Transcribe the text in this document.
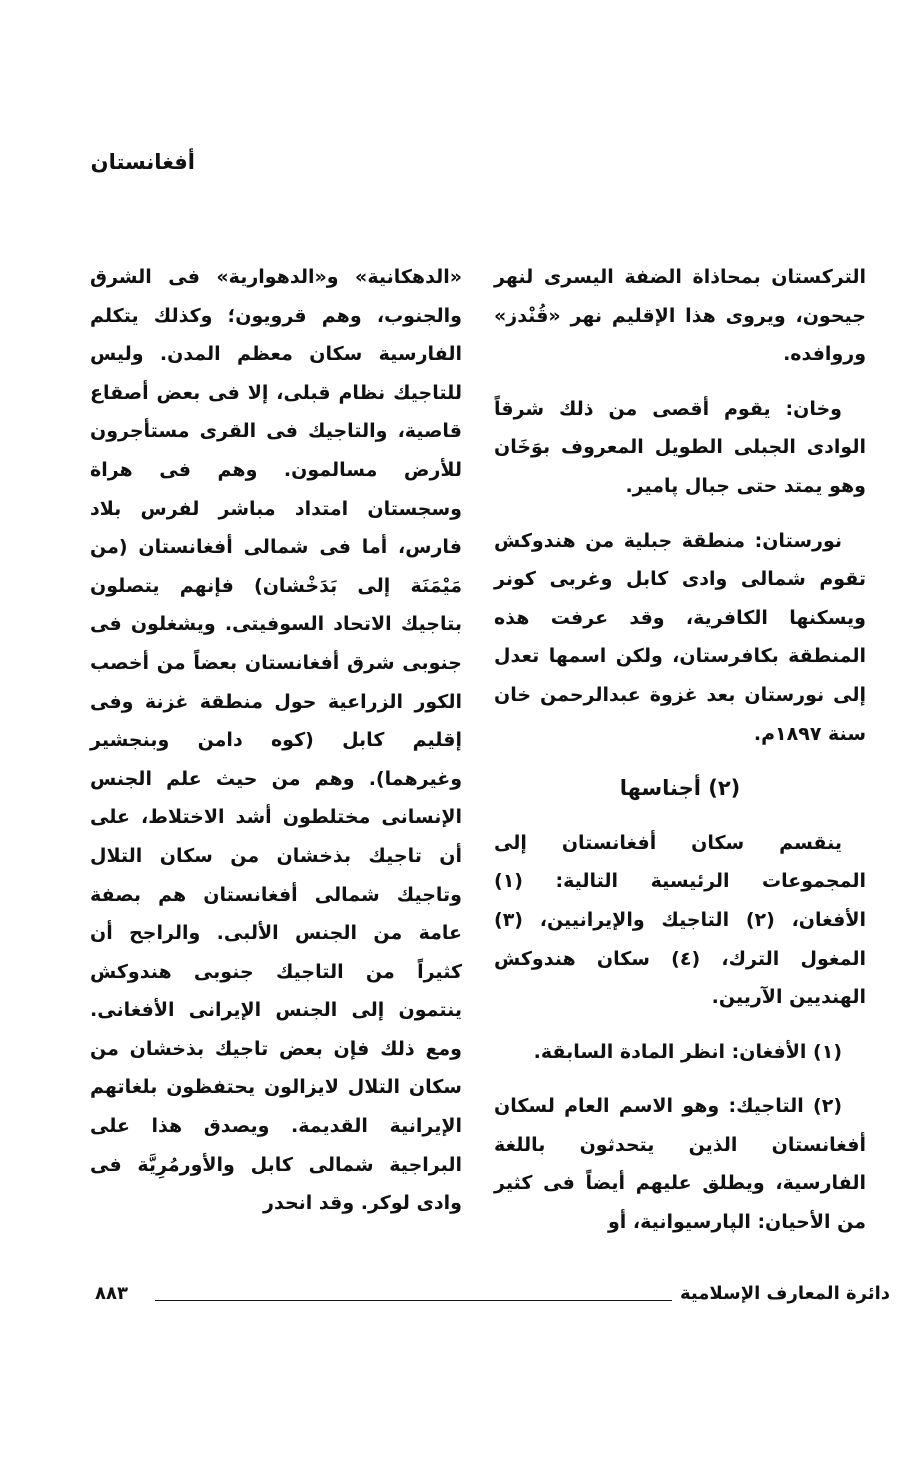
أفغانستان

التركستان بمحاذاة الضفة اليسرى لنهر جيحون، ويروى هذا الإقليم نهر «قُنْدز» وروافده.

وخان: يقوم أقصى من ذلك شرقاً الوادى الجبلى الطويل المعروف بوَخَان وهو يمتد حتى جبال پامير.

نورستان: منطقة جبلية من هندوكش تقوم شمالى وادى كابل وغربى كونر ويسكنها الكافرية، وقد عرفت هذه المنطقة بكافرستان، ولكن اسمها تعدل إلى نورستان بعد غزوة عبدالرحمن خان سنة ١٨٩٧م.

(٢) أجناسها

ينقسم سكان أفغانستان إلى المجموعات الرئيسية التالية: (١) الأفغان، (٢) التاجيك والإيرانيين، (٣) المغول الترك، (٤) سكان هندوكش الهنديين الآريين.

(١) الأفغان: انظر المادة السابقة.

(٢) التاجيك: وهو الاسم العام لسكان أفغانستان الذين يتحدثون باللغة الفارسية، ويطلق عليهم أيضاً فى كثير من الأحيان: الپارسيوانية، أو

«الدهكانية» و«الدهوارية» فى الشرق والجنوب، وهم قرويون؛ وكذلك يتكلم الفارسية سكان معظم المدن. وليس للتاجيك نظام قبلى، إلا فى بعض أصقاع قاصية، والتاجيك فى القرى مستأجرون للأرض مسالمون. وهم فى هراة وسجستان امتداد مباشر لفرس بلاد فارس، أما فى شمالى أفغانستان (من مَيْمَنَة إلى بَدَخْشان) فإنهم يتصلون بتاجيك الاتحاد السوفيتى. ويشغلون فى جنوبى شرق أفغانستان بعضاً من أخصب الكور الزراعية حول منطقة غزنة وفى إقليم كابل (كوه دامن وبنجشير وغيرهما). وهم من حيث علم الجنس الإنسانى مختلطون أشد الاختلاط، على أن تاجيك بذخشان من سكان التلال وتاجيك شمالى أفغانستان هم بصفة عامة من الجنس الألبى. والراجح أن كثيراً من التاجيك جنوبى هندوكش ينتمون إلى الجنس الإيرانى الأفغانى. ومع ذلك فإن بعض تاجيك بذخشان من سكان التلال لايزالون يحتفظون بلغاتهم الإيرانية القديمة. ويصدق هذا على البراجية شمالى كابل والأورمُرِيَّة فى وادى لوكر. وقد انحدر

دائرة المعارف الإسلامية
٨٨٣
